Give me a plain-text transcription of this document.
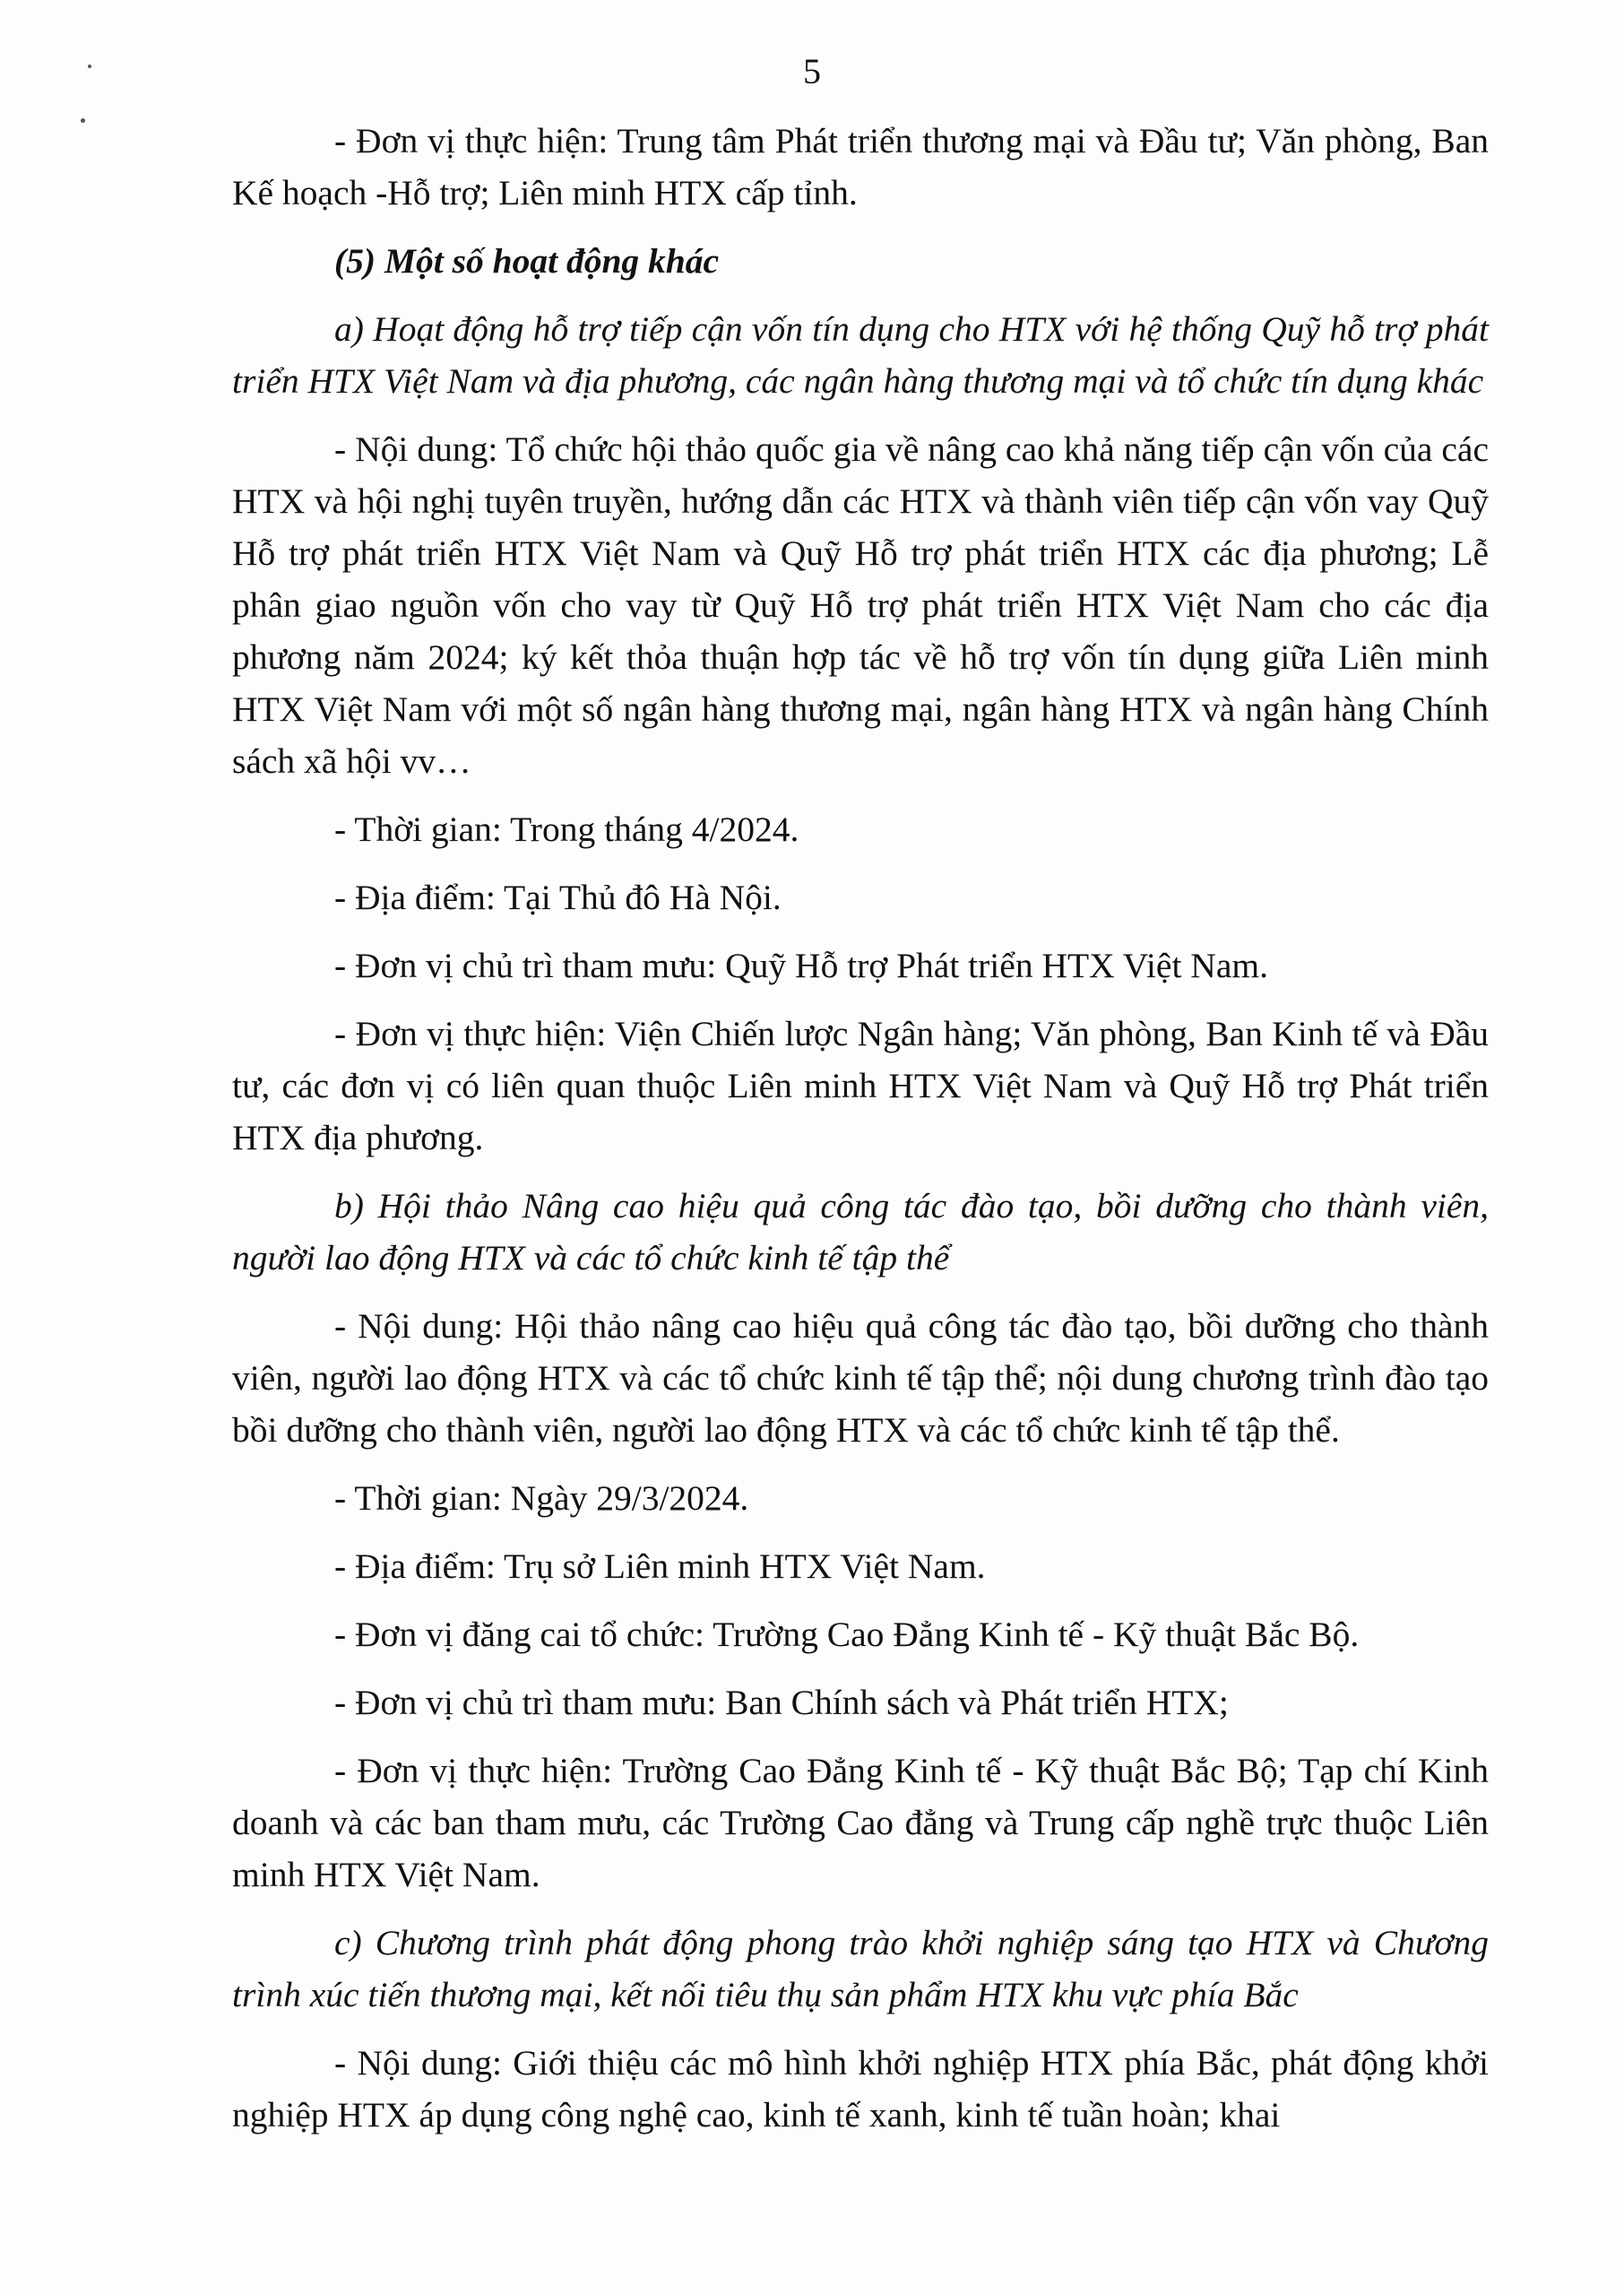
5

- Đơn vị thực hiện: Trung tâm Phát triển thương mại và Đầu tư; Văn phòng, Ban Kế hoạch -Hỗ trợ; Liên minh HTX cấp tỉnh.

(5) Một số hoạt động khác

a) Hoạt động hỗ trợ tiếp cận vốn tín dụng cho HTX với hệ thống Quỹ hỗ trợ phát triển HTX Việt Nam và địa phương, các ngân hàng thương mại và tổ chức tín dụng khác

- Nội dung: Tổ chức hội thảo quốc gia về nâng cao khả năng tiếp cận vốn của các HTX và hội nghị tuyên truyền, hướng dẫn các HTX và thành viên tiếp cận vốn vay Quỹ Hỗ trợ phát triển HTX Việt Nam và Quỹ Hỗ trợ phát triển HTX các địa phương; Lễ phân giao nguồn vốn cho vay từ Quỹ Hỗ trợ phát triển HTX Việt Nam cho các địa phương năm 2024; ký kết thỏa thuận hợp tác về hỗ trợ vốn tín dụng giữa Liên minh HTX Việt Nam với một số ngân hàng thương mại, ngân hàng HTX và ngân hàng Chính sách xã hội vv…

- Thời gian: Trong tháng 4/2024.

- Địa điểm: Tại Thủ đô Hà Nội.

- Đơn vị chủ trì tham mưu: Quỹ Hỗ trợ Phát triển HTX Việt Nam.

- Đơn vị thực hiện: Viện Chiến lược Ngân hàng; Văn phòng, Ban Kinh tế và Đầu tư, các đơn vị có liên quan thuộc Liên minh HTX Việt Nam và Quỹ Hỗ trợ Phát triển HTX địa phương.

b) Hội thảo Nâng cao hiệu quả công tác đào tạo, bồi dưỡng cho thành viên, người lao động HTX và các tổ chức kinh tế tập thể

- Nội dung: Hội thảo nâng cao hiệu quả công tác đào tạo, bồi dưỡng cho thành viên, người lao động HTX và các tổ chức kinh tế tập thể; nội dung chương trình đào tạo bồi dưỡng cho thành viên, người lao động HTX và các tổ chức kinh tế tập thể.

- Thời gian: Ngày 29/3/2024.

- Địa điểm: Trụ sở Liên minh HTX Việt Nam.

- Đơn vị đăng cai tổ chức: Trường Cao Đẳng Kinh tế - Kỹ thuật Bắc Bộ.

- Đơn vị chủ trì tham mưu: Ban Chính sách và Phát triển HTX;

- Đơn vị thực hiện: Trường Cao Đẳng Kinh tế - Kỹ thuật Bắc Bộ; Tạp chí Kinh doanh và các ban tham mưu, các Trường Cao đẳng và Trung cấp nghề trực thuộc Liên minh HTX Việt Nam.

c) Chương trình phát động phong trào khởi nghiệp sáng tạo HTX và Chương trình xúc tiến thương mại, kết nối tiêu thụ sản phẩm HTX khu vực phía Bắc

- Nội dung: Giới thiệu các mô hình khởi nghiệp HTX phía Bắc, phát động khởi nghiệp HTX áp dụng công nghệ cao, kinh tế xanh, kinh tế tuần hoàn; khai
